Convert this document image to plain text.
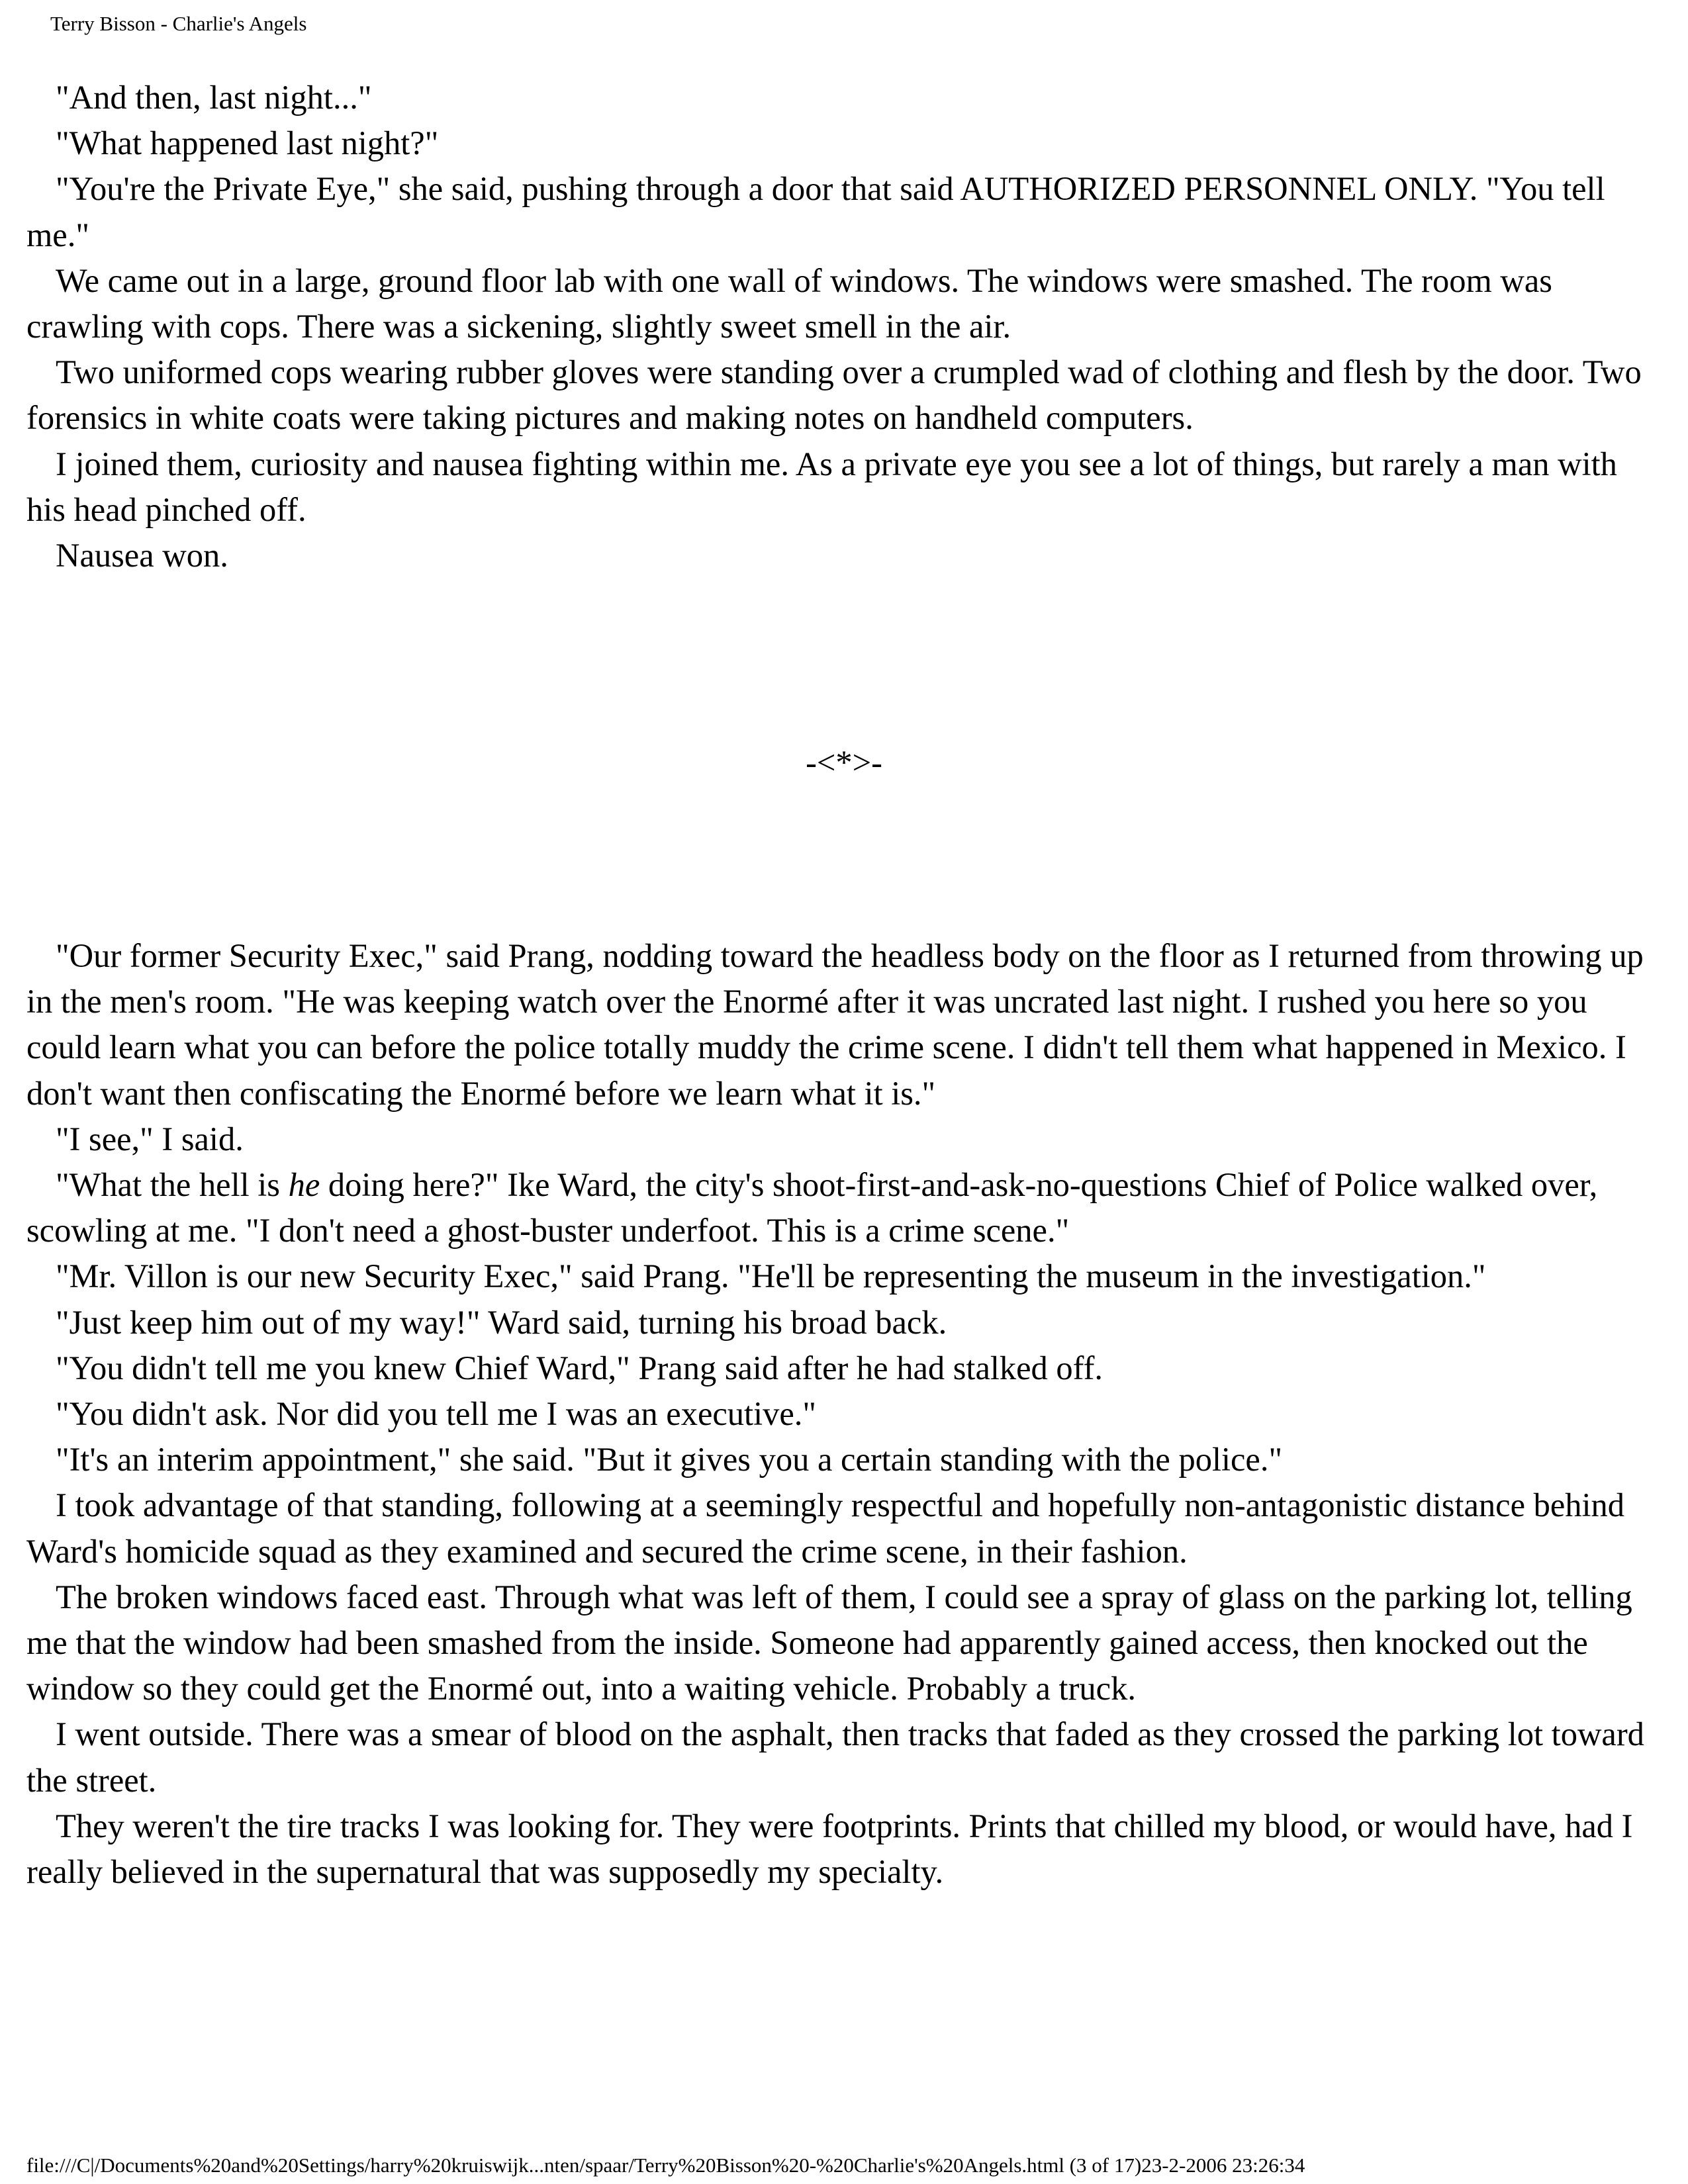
Terry Bisson - Charlie's Angels

"And then, last night..."

"What happened last night?"

"You're the Private Eye," she said, pushing through a door that said AUTHORIZED PERSONNEL ONLY. "You tell me."

We came out in a large, ground floor lab with one wall of windows. The windows were smashed. The room was crawling with cops. There was a sickening, slightly sweet smell in the air.

Two uniformed cops wearing rubber gloves were standing over a crumpled wad of clothing and flesh by the door. Two forensics in white coats were taking pictures and making notes on handheld computers.

I joined them, curiosity and nausea fighting within me. As a private eye you see a lot of things, but rarely a man with his head pinched off.

Nausea won.

-<*>-

"Our former Security Exec," said Prang, nodding toward the headless body on the floor as I returned from throwing up in the men's room. "He was keeping watch over the Enormé after it was uncrated last night. I rushed you here so you could learn what you can before the police totally muddy the crime scene. I didn't tell them what happened in Mexico. I don't want then confiscating the Enormé before we learn what it is."

"I see," I said.

"What the hell is he doing here?" Ike Ward, the city's shoot-first-and-ask-no-questions Chief of Police walked over, scowling at me. "I don't need a ghost-buster underfoot. This is a crime scene."

"Mr. Villon is our new Security Exec," said Prang. "He'll be representing the museum in the investigation."

"Just keep him out of my way!" Ward said, turning his broad back.

"You didn't tell me you knew Chief Ward," Prang said after he had stalked off.

"You didn't ask. Nor did you tell me I was an executive."

"It's an interim appointment," she said. "But it gives you a certain standing with the police."

I took advantage of that standing, following at a seemingly respectful and hopefully non-antagonistic distance behind Ward's homicide squad as they examined and secured the crime scene, in their fashion.

The broken windows faced east. Through what was left of them, I could see a spray of glass on the parking lot, telling me that the window had been smashed from the inside. Someone had apparently gained access, then knocked out the window so they could get the Enormé out, into a waiting vehicle. Probably a truck.

I went outside. There was a smear of blood on the asphalt, then tracks that faded as they crossed the parking lot toward the street.

They weren't the tire tracks I was looking for. They were footprints. Prints that chilled my blood, or would have, had I really believed in the supernatural that was supposedly my specialty.

file:///C|/Documents%20and%20Settings/harry%20kruiswijk...nten/spaar/Terry%20Bisson%20-%20Charlie's%20Angels.html (3 of 17)23-2-2006 23:26:34
